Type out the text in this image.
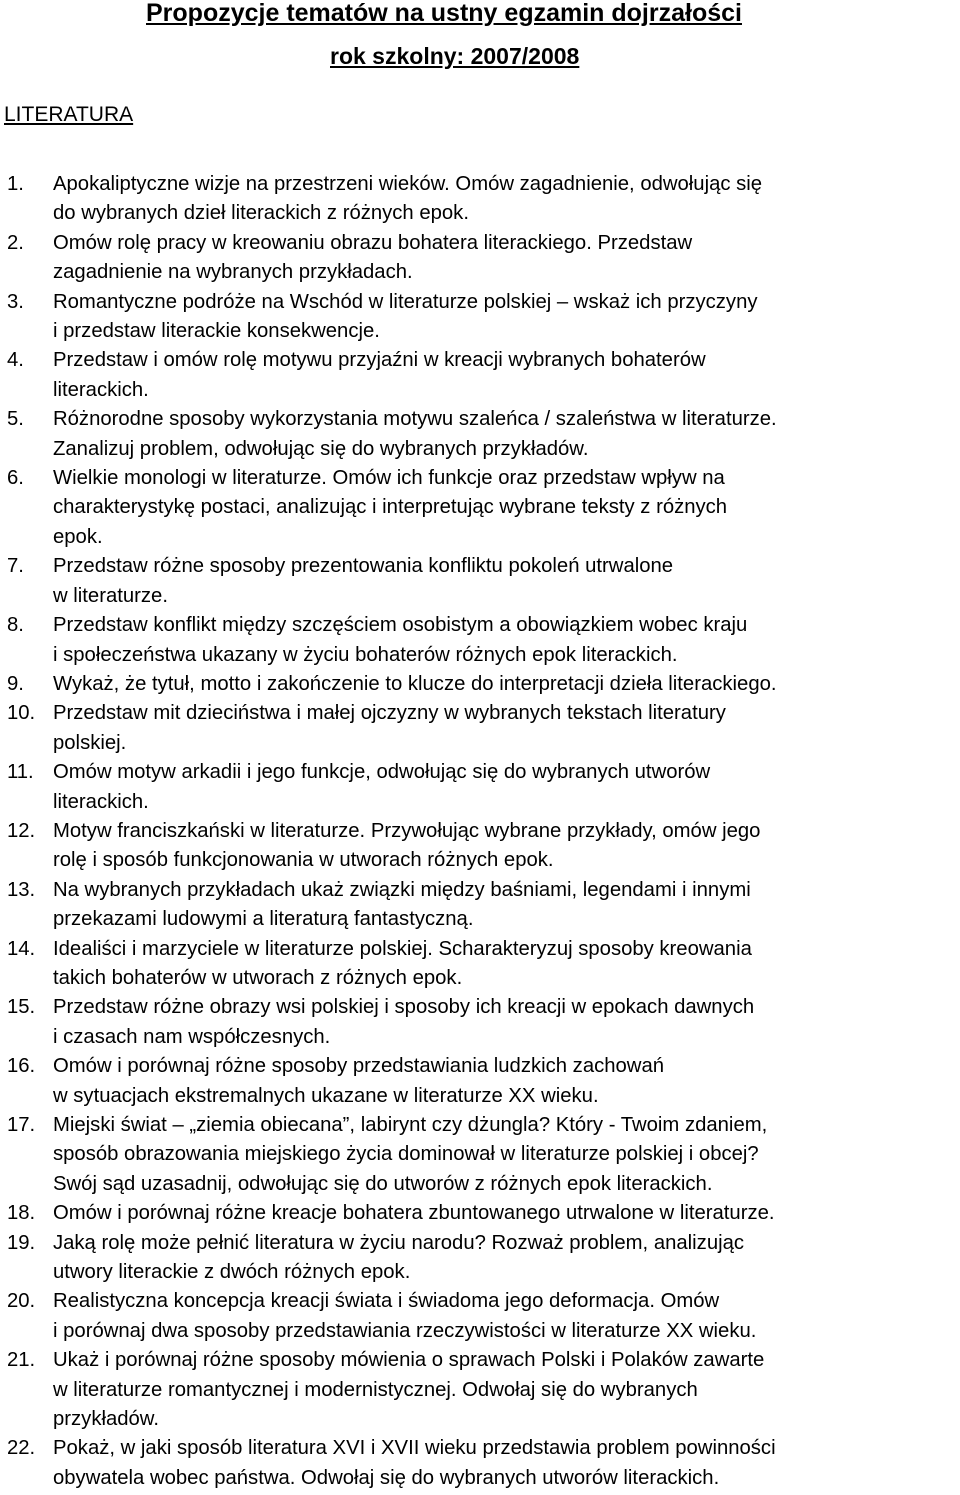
Propozycje tematów na ustny egzamin dojrzałości
rok szkolny: 2007/2008
LITERATURA
1. Apokaliptyczne wizje na przestrzeni wieków. Omów zagadnienie, odwołując się
do wybranych dzieł literackich z różnych epok.
2. Omów rolę pracy w kreowaniu obrazu bohatera literackiego. Przedstaw
zagadnienie na wybranych przykładach.
3. Romantyczne podróże na Wschód w literaturze polskiej – wskaż ich przyczyny
i przedstaw literackie konsekwencje.
4. Przedstaw i omów rolę motywu przyjaźni w kreacji wybranych bohaterów
literackich.
5. Różnorodne sposoby wykorzystania motywu szaleńca / szaleństwa w literaturze.
Zanalizuj problem, odwołując się do wybranych przykładów.
6. Wielkie monologi w literaturze. Omów ich funkcje oraz przedstaw wpływ na
charakterystykę postaci, analizując i interpretując wybrane teksty z różnych
epok.
7. Przedstaw różne sposoby prezentowania konfliktu pokoleń utrwalone
w literaturze.
8. Przedstaw konflikt między szczęściem osobistym a obowiązkiem wobec kraju
i społeczeństwa ukazany w życiu bohaterów różnych epok literackich.
9. Wykaż, że tytuł, motto i zakończenie to klucze do interpretacji dzieła literackiego.
10. Przedstaw mit dzieciństwa i małej ojczyzny w wybranych tekstach literatury
polskiej.
11. Omów motyw arkadii i jego funkcje, odwołując się do wybranych utworów
literackich.
12. Motyw franciszkański w literaturze. Przywołując wybrane przykłady, omów jego
rolę i sposób funkcjonowania w utworach różnych epok.
13. Na wybranych przykładach ukaż związki między baśniami, legendami i innymi
przekazami ludowymi a literaturą fantastyczną.
14. Idealiści i marzyciele w literaturze polskiej. Scharakteryzuj sposoby kreowania
takich bohaterów w utworach z różnych epok.
15. Przedstaw różne obrazy wsi polskiej i sposoby ich kreacji w epokach dawnych
i czasach nam współczesnych.
16. Omów i porównaj różne sposoby przedstawiania ludzkich zachowań
w sytuacjach ekstremalnych ukazane w literaturze XX wieku.
17. Miejski świat – „ziemia obiecana”, labirynt czy dżungla? Który - Twoim zdaniem,
sposób obrazowania miejskiego życia dominował w literaturze polskiej i obcej?
Swój sąd uzasadnij, odwołując się do utworów z różnych epok literackich.
18. Omów i porównaj różne kreacje bohatera zbuntowanego utrwalone w literaturze.
19. Jaką rolę może pełnić literatura w życiu narodu? Rozważ problem, analizując
utwory literackie z dwóch różnych epok.
20. Realistyczna koncepcja kreacji świata i świadoma jego deformacja. Omów
i porównaj dwa sposoby przedstawiania rzeczywistości w literaturze XX wieku.
21. Ukaż i porównaj różne sposoby mówienia o sprawach Polski i Polaków zawarte
w literaturze romantycznej i modernistycznej. Odwołaj się do wybranych
przykładów.
22. Pokaż, w jaki sposób literatura XVI i XVII wieku przedstawia problem powinności
obywatela wobec państwa. Odwołaj się do wybranych utworów literackich.
